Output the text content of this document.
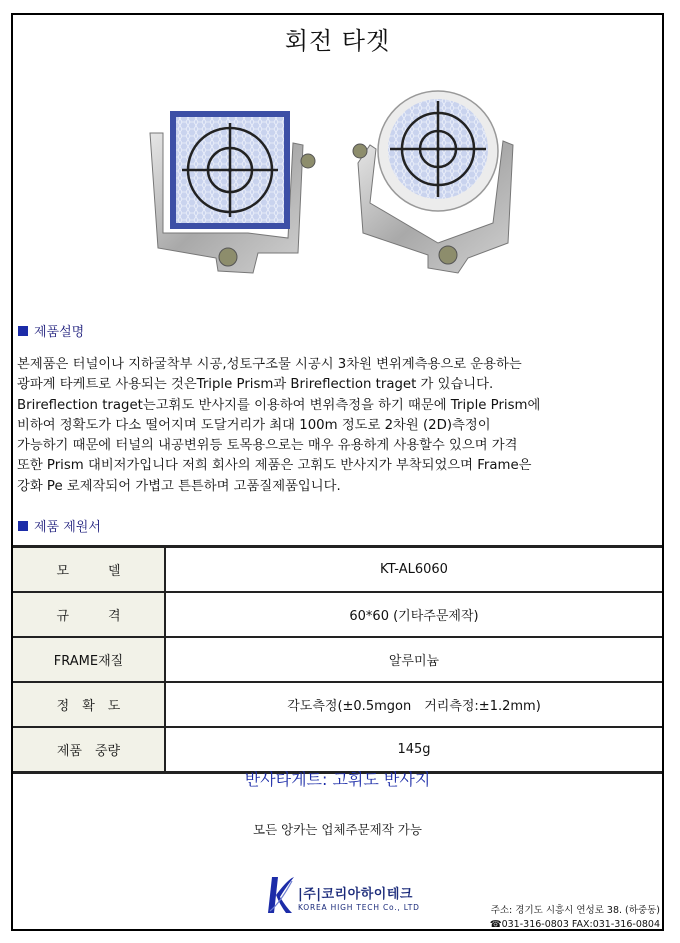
회전 타겟
제품설명
본제품은 터널이나 지하굴착부 시공,성토구조물 시공시 3차원 변위계측용으로 운용하는
광파계 타케트로 사용되는 것은Triple Prism과 Brireflection traget 가 있습니다.
Brireflection traget는고휘도 반사지를 이용하여 변위측정을 하기 때문에 Triple Prism에
비하여 정확도가 다소 떨어지며 도달거리가 최대 100m 정도로 2차원 (2D)측정이
가능하기 때문에 터널의 내공변위등 토목용으로는 매우 유용하게 사용할수 있으며 가격
또한 Prism 대비저가입니다 저희 회사의 제품은 고휘도 반사지가 부착되었으며 Frame은
강화 Pe 로제작되어 가볍고 튼튼하며 고품질제품입니다.
제품 제원서
모　　　델	KT-AL6060
규　　　격	60*60 (기타주문제작)
FRAME재질	알루미늄
정　확　도	각도측정(±0.5mgon　거리측정:±1.2mm)
제품　중량	145g
반사타게트: 고휘도 반사지
모든 앙카는 업체주문제작 가능
|주|코리아하이테크
KOREA HIGH TECH Co., LTD	주소: 경기도 시흥시 연성로 38. (하중동)
☎031-316-0803 FAX:031-316-0804
